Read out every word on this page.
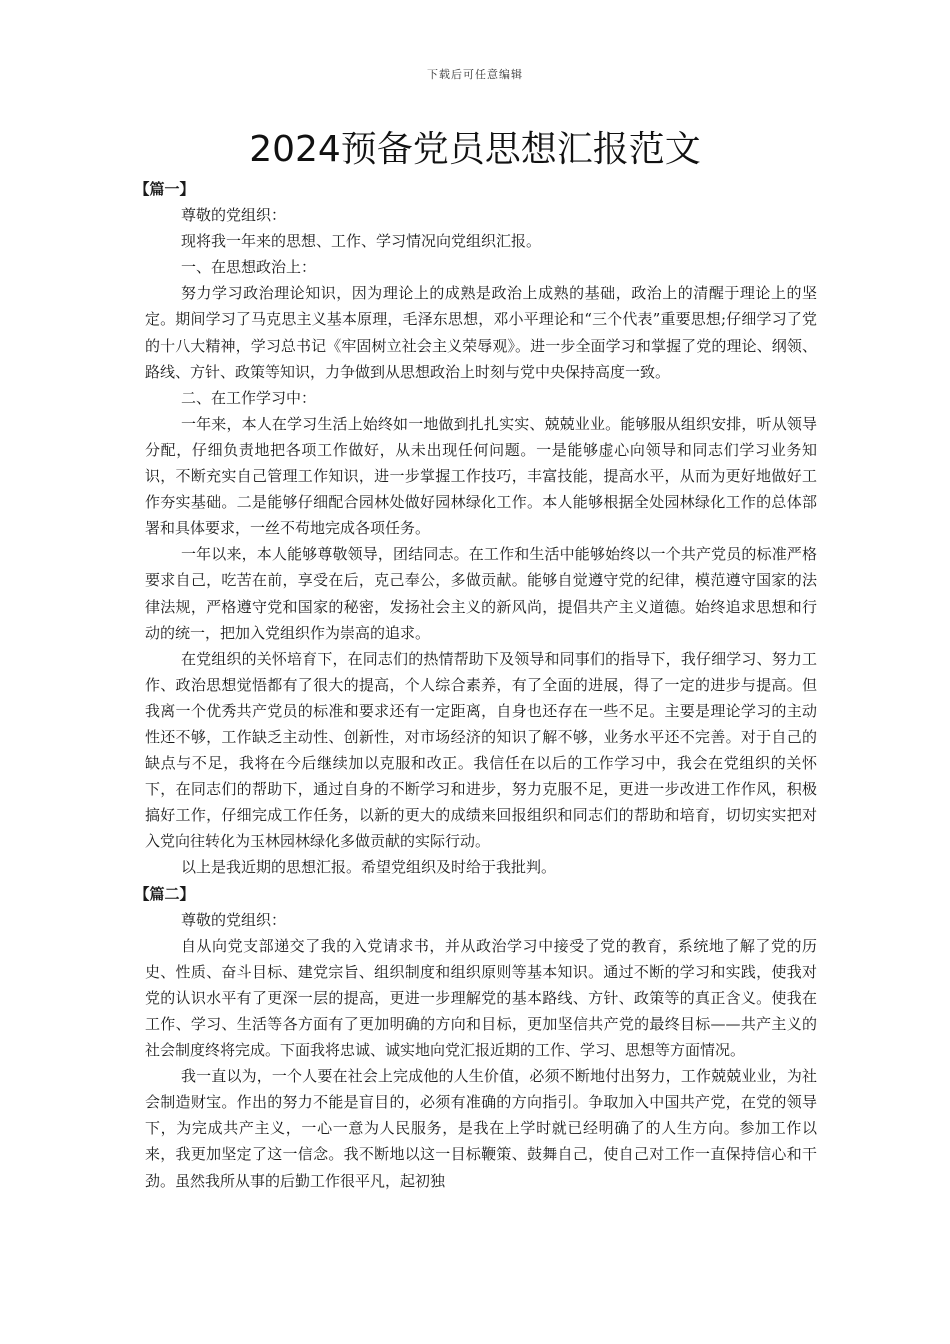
下载后可任意编辑
2024预备党员思想汇报范文

【篇一】

尊敬的党组织：

现将我一年来的思想、工作、学习情况向党组织汇报。

一、在思想政治上：

努力学习政治理论知识，因为理论上的成熟是政治上成熟的基础，政治上的清醒于理论上的坚定。期间学习了马克思主义基本原理，毛泽东思想，邓小平理论和“三个代表”重要思想;仔细学习了党的十八大精神，学习总书记《牢固树立社会主义荣辱观》。进一步全面学习和掌握了党的理论、纲领、路线、方针、政策等知识，力争做到从思想政治上时刻与党中央保持高度一致。

二、在工作学习中：

一年来，本人在学习生活上始终如一地做到扎扎实实、兢兢业业。能够服从组织安排，听从领导分配，仔细负责地把各项工作做好，从未出现任何问题。一是能够虚心向领导和同志们学习业务知识，不断充实自己管理工作知识，进一步掌握工作技巧，丰富技能，提高水平，从而为更好地做好工作夯实基础。二是能够仔细配合园林处做好园林绿化工作。本人能够根据全处园林绿化工作的总体部署和具体要求，一丝不苟地完成各项任务。

一年以来，本人能够尊敬领导，团结同志。在工作和生活中能够始终以一个共产党员的标准严格要求自己，吃苦在前，享受在后，克己奉公，多做贡献。能够自觉遵守党的纪律，模范遵守国家的法律法规，严格遵守党和国家的秘密，发扬社会主义的新风尚，提倡共产主义道德。始终追求思想和行动的统一，把加入党组织作为崇高的追求。

在党组织的关怀培育下，在同志们的热情帮助下及领导和同事们的指导下，我仔细学习、努力工作、政治思想觉悟都有了很大的提高，个人综合素养，有了全面的进展，得了一定的进步与提高。但我离一个优秀共产党员的标准和要求还有一定距离，自身也还存在一些不足。主要是理论学习的主动性还不够，工作缺乏主动性、创新性，对市场经济的知识了解不够，业务水平还不完善。对于自己的缺点与不足，我将在今后继续加以克服和改正。我信任在以后的工作学习中，我会在党组织的关怀下，在同志们的帮助下，通过自身的不断学习和进步，努力克服不足，更进一步改进工作作风，积极搞好工作，仔细完成工作任务，以新的更大的成绩来回报组织和同志们的帮助和培育，切切实实把对入党向往转化为玉林园林绿化多做贡献的实际行动。

以上是我近期的思想汇报。希望党组织及时给于我批判。

【篇二】

尊敬的党组织：

自从向党支部递交了我的入党请求书，并从政治学习中接受了党的教育，系统地了解了党的历史、性质、奋斗目标、建党宗旨、组织制度和组织原则等基本知识。通过不断的学习和实践，使我对党的认识水平有了更深一层的提高，更进一步理解党的基本路线、方针、政策等的真正含义。使我在工作、学习、生活等各方面有了更加明确的方向和目标，更加坚信共产党的最终目标——共产主义的社会制度终将完成。下面我将忠诚、诚实地向党汇报近期的工作、学习、思想等方面情况。

我一直以为，一个人要在社会上完成他的人生价值，必须不断地付出努力，工作兢兢业业，为社会制造财宝。作出的努力不能是盲目的，必须有准确的方向指引。争取加入中国共产党，在党的领导下，为完成共产主义，一心一意为人民服务，是我在上学时就已经明确了的人生方向。参加工作以来，我更加坚定了这一信念。我不断地以这一目标鞭策、鼓舞自己，使自己对工作一直保持信心和干劲。虽然我所从事的后勤工作很平凡，起初独
